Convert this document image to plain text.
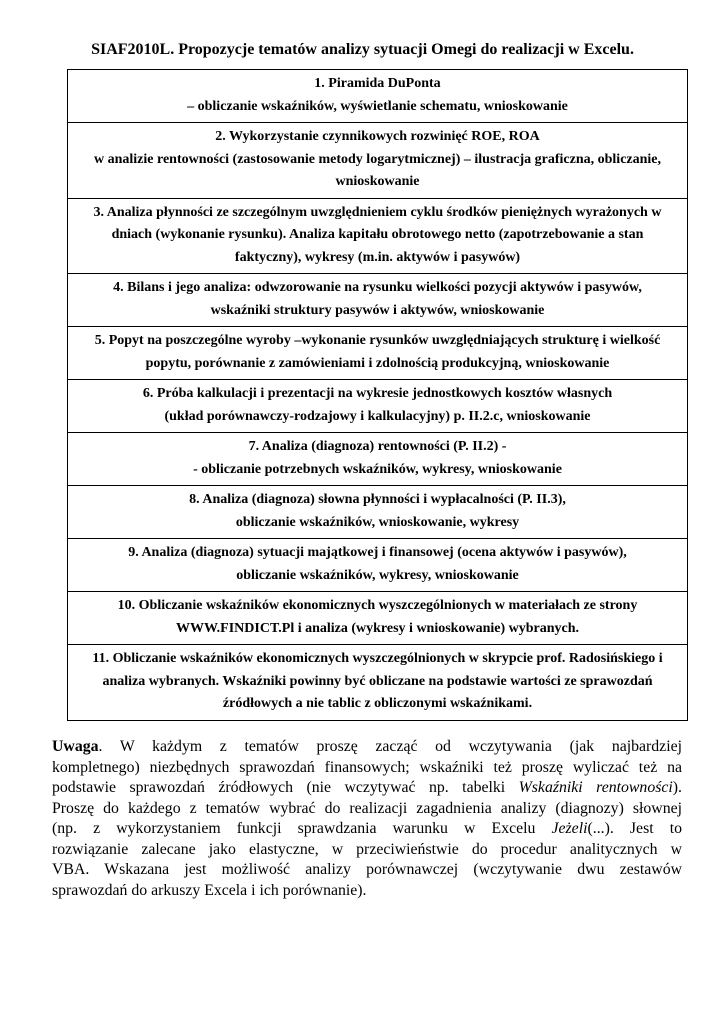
SIAF2010L. Propozycje tematów analizy sytuacji Omegi do realizacji w Excelu.
1. Piramida DuPonta
– obliczanie wskaźników, wyświetlanie schematu, wnioskowanie

2. Wykorzystanie czynnikowych rozwinięć ROE, ROA
w analizie rentowności (zastosowanie metody logarytmicznej) – ilustracja graficzna, obliczanie,
wnioskowanie

3. Analiza płynności ze szczególnym uwzględnieniem cyklu środków pieniężnych wyrażonych w
dniach (wykonanie rysunku). Analiza kapitału obrotowego netto (zapotrzebowanie a stan
faktyczny), wykresy (m.in. aktywów i pasywów)

4. Bilans i jego analiza: odwzorowanie na rysunku wielkości pozycji aktywów i pasywów,
wskaźniki struktury pasywów i aktywów, wnioskowanie

5. Popyt na poszczególne wyroby –wykonanie rysunków uwzględniających strukturę i wielkość
popytu, porównanie z zamówieniami i zdolnością produkcyjną, wnioskowanie

6. Próba kalkulacji i prezentacji na wykresie jednostkowych kosztów własnych
(układ porównawczy-rodzajowy i kalkulacyjny) p. II.2.c, wnioskowanie

7. Analiza (diagnoza) rentowności (P. II.2) -
- obliczanie potrzebnych wskaźników, wykresy, wnioskowanie

8. Analiza (diagnoza) słowna płynności i wypłacalności (P. II.3),
obliczanie wskaźników, wnioskowanie, wykresy

9. Analiza (diagnoza) sytuacji majątkowej i finansowej (ocena aktywów i pasywów),
obliczanie wskaźników, wykresy, wnioskowanie

10. Obliczanie wskaźników ekonomicznych wyszczególnionych w materiałach ze strony
WWW.FINDICT.Pl i analiza (wykresy i wnioskowanie) wybranych.

11. Obliczanie wskaźników ekonomicznych wyszczególnionych w skrypcie prof. Radosińskiego i
analiza wybranych. Wskaźniki powinny być obliczane na podstawie wartości ze sprawozdań
źródłowych a nie tablic z obliczonymi wskaźnikami.
Uwaga. W każdym z tematów proszę zacząć od wczytywania (jak najbardziej
kompletnego) niezbędnych sprawozdań finansowych; wskaźniki też proszę wyliczać też na
podstawie sprawozdań źródłowych (nie wczytywać np. tabelki Wskaźniki rentowności).
Proszę do każdego z tematów wybrać do realizacji zagadnienia analizy (diagnozy) słownej
(np. z wykorzystaniem funkcji sprawdzania warunku w Excelu Jeżeli(...). Jest to
rozwiązanie zalecane jako elastyczne, w przeciwieństwie do procedur analitycznych w
VBA. Wskazana jest możliwość analizy porównawczej (wczytywanie dwu zestawów
sprawozdań do arkuszy Excela i ich porównanie).
